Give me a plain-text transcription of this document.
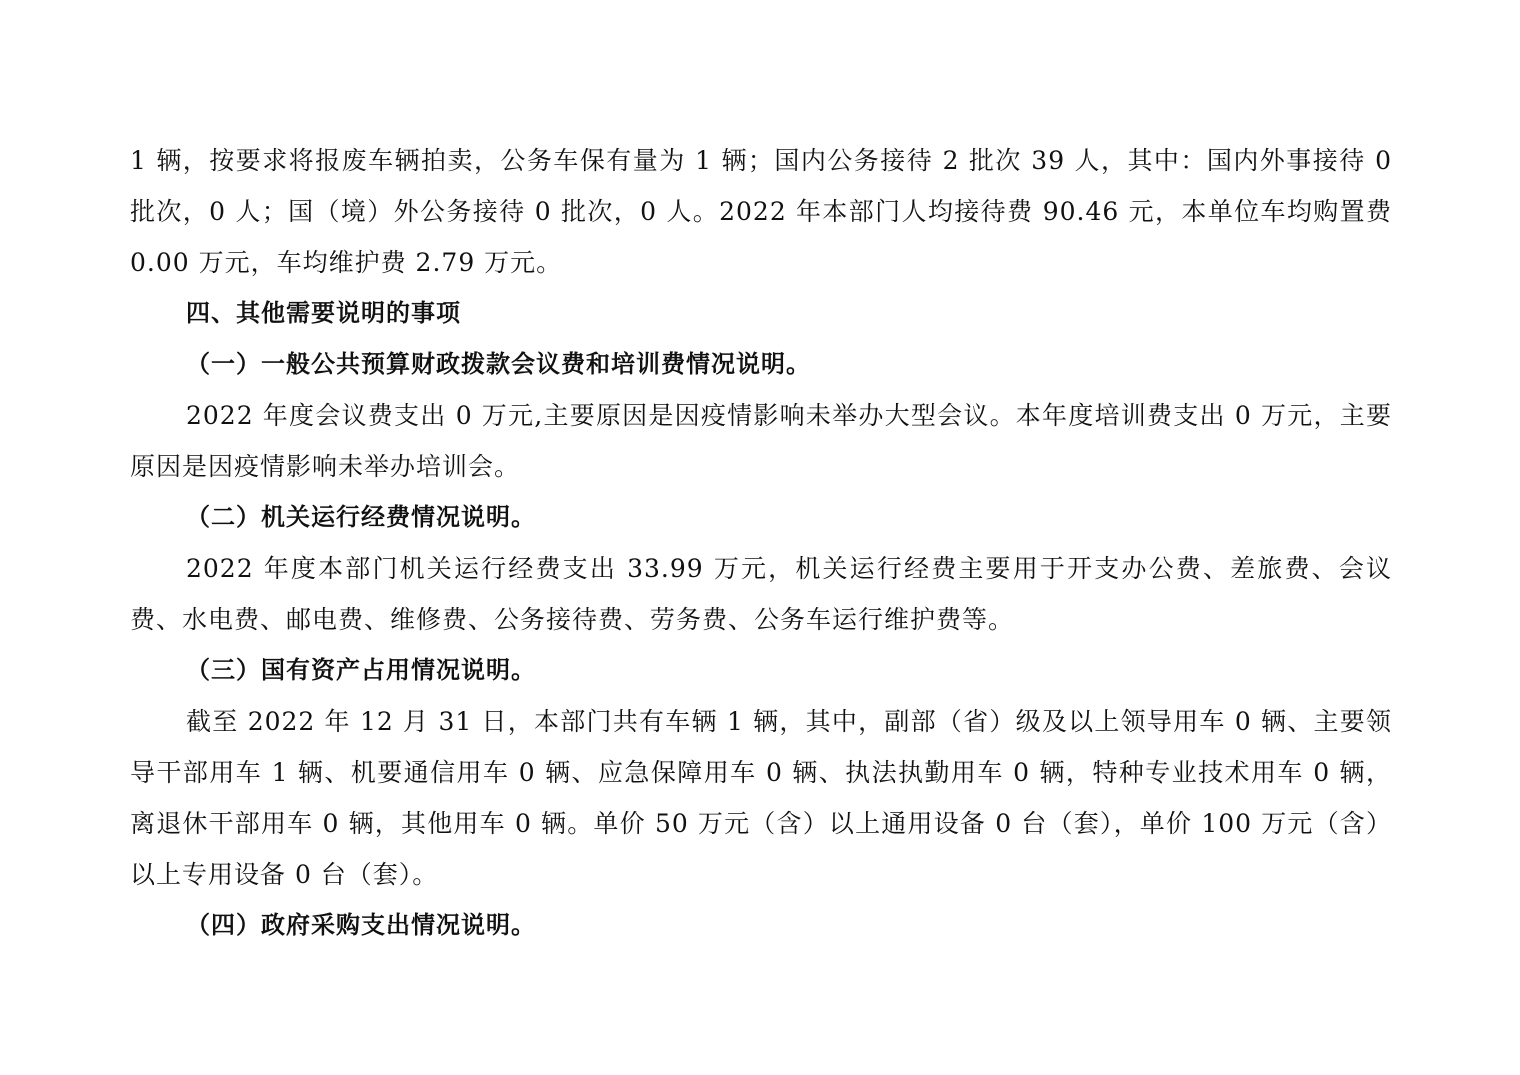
1 辆，按要求将报废车辆拍卖，公务车保有量为 1 辆；国内公务接待 2 批次 39 人，其中：国内外事接待 0 批次，0 人；国（境）外公务接待 0 批次，0 人。2022 年本部门人均接待费 90.46 元，本单位车均购置费 0.00 万元，车均维护费 2.79 万元。

四、其他需要说明的事项

（一）一般公共预算财政拨款会议费和培训费情况说明。

2022 年度会议费支出 0 万元,主要原因是因疫情影响未举办大型会议。本年度培训费支出 0 万元，主要原因是因疫情影响未举办培训会。

（二）机关运行经费情况说明。

2022 年度本部门机关运行经费支出 33.99 万元，机关运行经费主要用于开支办公费、差旅费、会议费、水电费、邮电费、维修费、公务接待费、劳务费、公务车运行维护费等。

（三）国有资产占用情况说明。

截至 2022 年 12 月 31 日，本部门共有车辆 1 辆，其中，副部（省）级及以上领导用车 0 辆、主要领导干部用车 1 辆、机要通信用车 0 辆、应急保障用车 0 辆、执法执勤用车 0 辆，特种专业技术用车 0 辆，离退休干部用车 0 辆，其他用车 0 辆。单价 50 万元（含）以上通用设备 0 台（套），单价 100 万元（含）以上专用设备 0 台（套）。

（四）政府采购支出情况说明。
